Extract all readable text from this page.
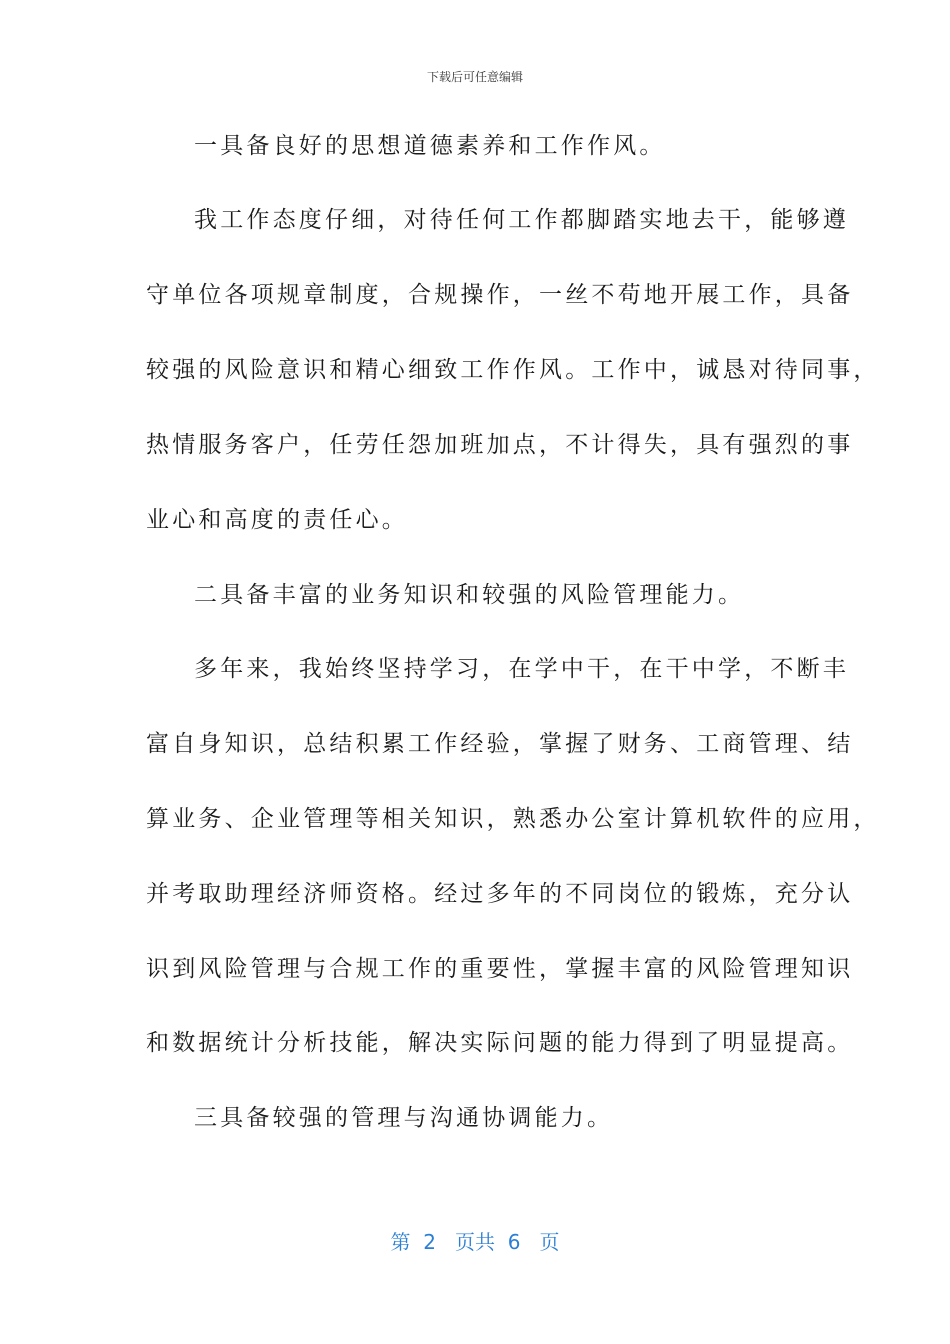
下载后可任意编辑
一具备良好的思想道德素养和工作作风。
我工作态度仔细，对待任何工作都脚踏实地去干，能够遵
守单位各项规章制度，合规操作，一丝不苟地开展工作，具备
较强的风险意识和精心细致工作作风。工作中，诚恳对待同事，
热情服务客户，任劳任怨加班加点，不计得失，具有强烈的事
业心和高度的责任心。
二具备丰富的业务知识和较强的风险管理能力。
多年来，我始终坚持学习，在学中干，在干中学，不断丰
富自身知识，总结积累工作经验，掌握了财务、工商管理、结
算业务、企业管理等相关知识，熟悉办公室计算机软件的应用，
并考取助理经济师资格。经过多年的不同岗位的锻炼，充分认
识到风险管理与合规工作的重要性，掌握丰富的风险管理知识
和数据统计分析技能，解决实际问题的能力得到了明显提高。
三具备较强的管理与沟通协调能力。
第 2 页共 6 页
